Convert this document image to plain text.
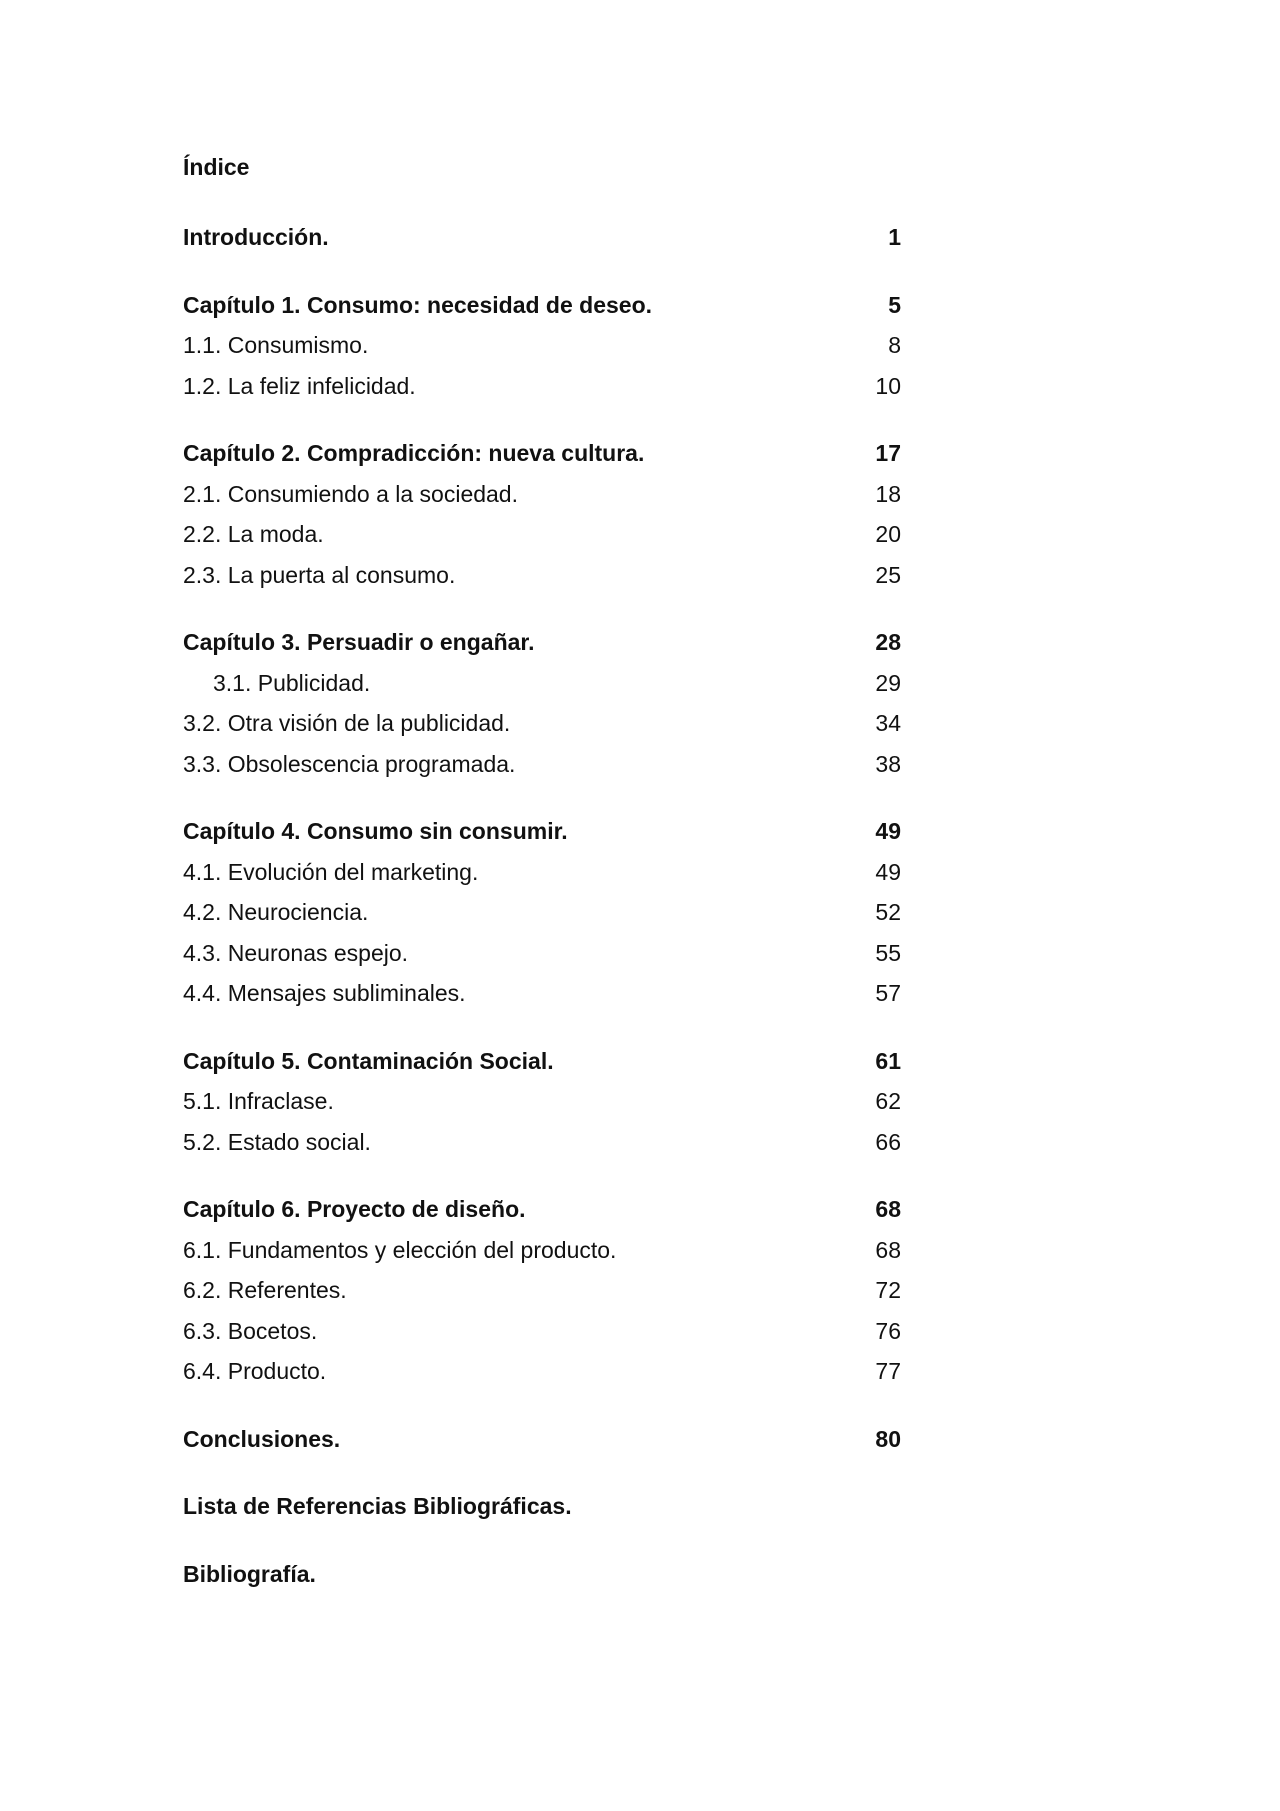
Índice
Introducción.	1
Capítulo 1. Consumo: necesidad de deseo.	5
1.1. Consumismo.	8
1.2. La feliz infelicidad.	10
Capítulo 2. Compradicción: nueva cultura.	17
2.1. Consumiendo a la sociedad.	18
2.2. La moda.	20
2.3. La puerta al consumo.	25
Capítulo 3. Persuadir o engañar.	28
3.1. Publicidad.	29
3.2. Otra visión de la publicidad.	34
3.3. Obsolescencia programada.	38
Capítulo 4. Consumo sin consumir.	49
4.1. Evolución del marketing.	49
4.2. Neurociencia.	52
4.3. Neuronas espejo.	55
4.4. Mensajes subliminales.	57
Capítulo 5. Contaminación Social.	61
5.1. Infraclase.	62
5.2. Estado social.	66
Capítulo 6. Proyecto de diseño.	68
6.1. Fundamentos y elección del producto.	68
6.2. Referentes.	72
6.3. Bocetos.	76
6.4. Producto.	77
Conclusiones.	80
Lista de Referencias Bibliográficas.
Bibliografía.
